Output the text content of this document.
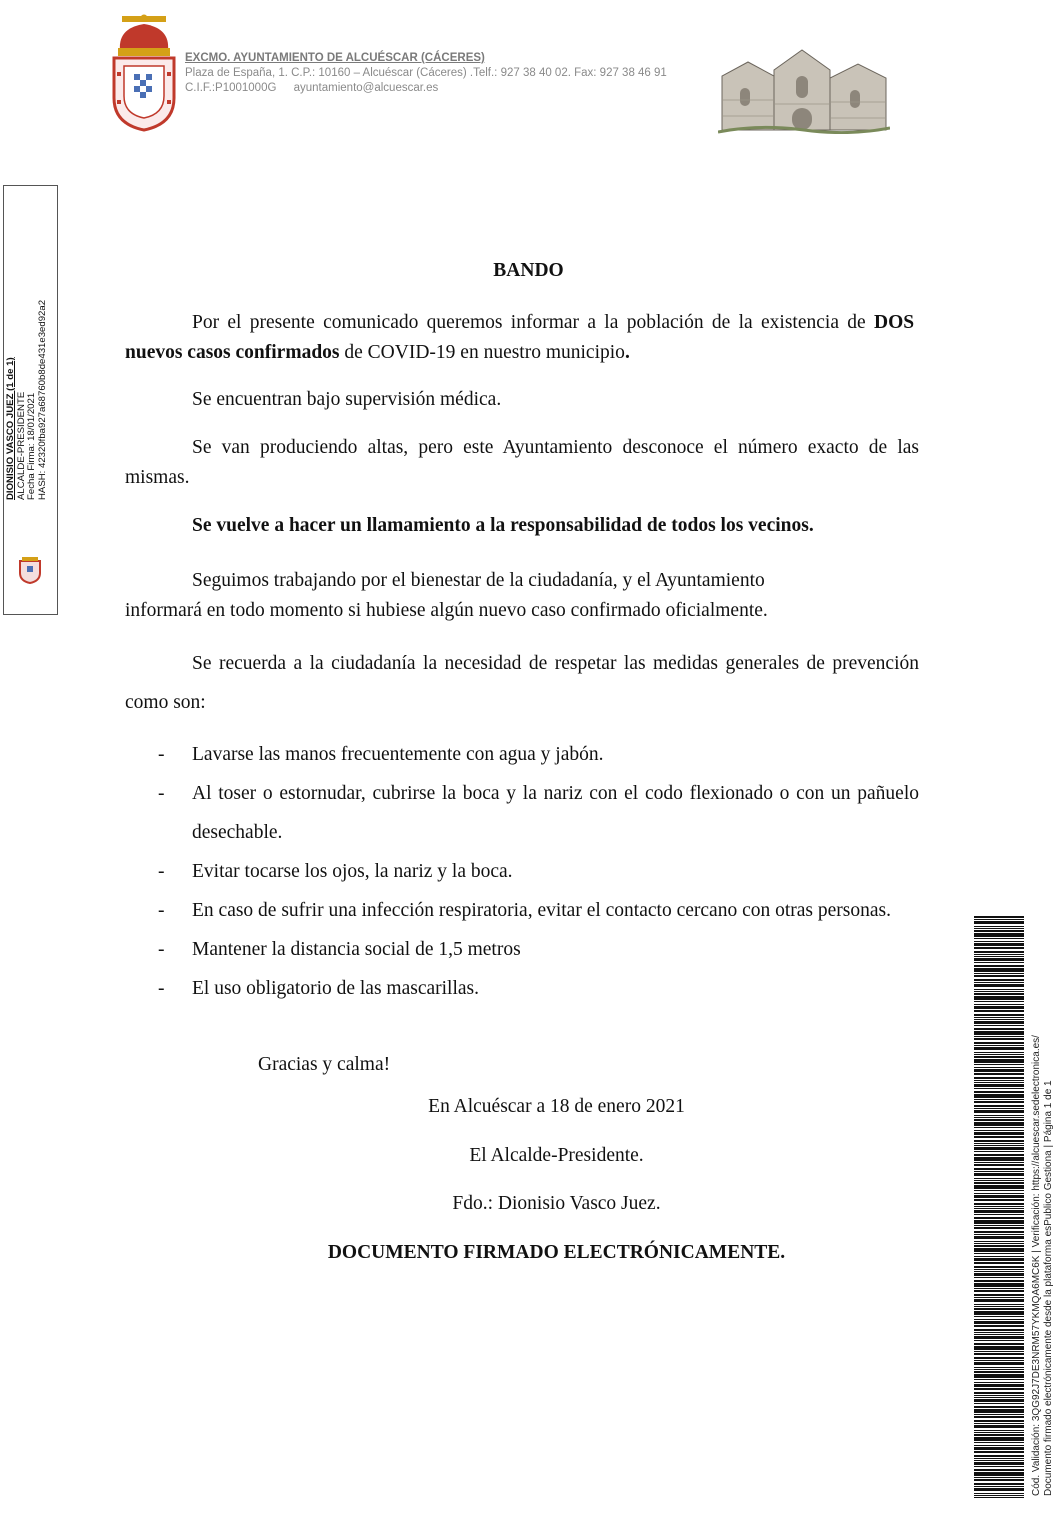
EXCMO. AYUNTAMIENTO DE ALCUÉSCAR (CÁCERES)
Plaza de España, 1. C.P.: 10160 – Alcuéscar (Cáceres) .Telf.: 927 38 40 02. Fax: 927 38 46 91
C.I.F.:P1001000G ayuntamiento@alcuescar.es
DIONISIO VASCO JUEZ (1 de 1) ALCALDE-PRESIDENTE Fecha Firma: 18/01/2021 HASH: 42320fba927a68760b8de431e3ed92a2
BANDO
Por el presente comunicado queremos informar a la población de la existencia de DOS  nuevos casos confirmados de COVID-19 en nuestro municipio.
Se encuentran bajo supervisión médica.
Se van produciendo altas, pero este Ayuntamiento desconoce el número exacto de las mismas.
Se vuelve a hacer un llamamiento a la responsabilidad de todos los vecinos.
Seguimos trabajando por el bienestar de la ciudadanía, y el Ayuntamiento
informará en todo momento si hubiese algún nuevo caso confirmado oficialmente.
Se recuerda a la ciudadanía la necesidad de respetar las medidas generales de prevención como son:
- Lavarse las manos frecuentemente con agua y jabón.
- Al toser o estornudar, cubrirse la boca y la nariz con el codo flexionado o con un pañuelo desechable.
- Evitar tocarse los ojos, la nariz y la boca.
- En caso de sufrir una infección respiratoria, evitar el contacto cercano con otras personas.
- Mantener la distancia social de 1,5 metros
- El uso obligatorio de las mascarillas.
Gracias y calma!
En Alcuéscar a 18 de enero 2021
El Alcalde-Presidente.
Fdo.: Dionisio Vasco Juez.
DOCUMENTO FIRMADO ELECTRÓNICAMENTE.	Cód. Validación: 3QG92J7DE3NRM57YKMQA6MC6K | Verificación: https://alcuescar.sedelectronica.es/ Documento firmado electrónicamente desde la plataforma esPublico Gestiona | Página 1 de 1
